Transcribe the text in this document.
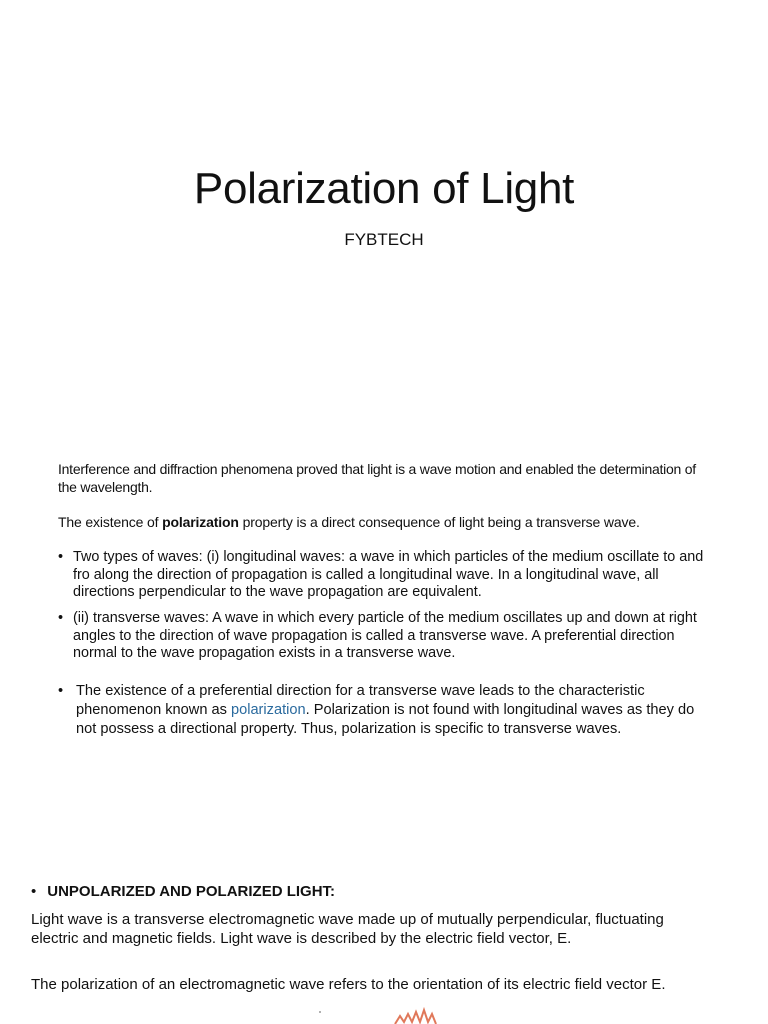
Polarization of Light
FYBTECH
Interference and diffraction phenomena proved that light is a wave motion and enabled the determination of the wavelength.
The existence of polarization property is a direct consequence of light being a transverse wave.
• Two types of waves: (i) longitudinal waves: a wave in which particles of the medium oscillate to and fro along the direction of propagation is called a longitudinal wave. In a longitudinal wave, all directions perpendicular to the wave propagation are equivalent.
• (ii) transverse waves: A wave in which every particle of the medium oscillates up and down at right angles to the direction of wave propagation is called a transverse wave. A preferential direction normal to the wave propagation exists in a transverse wave.
• The existence of a preferential direction for a transverse wave leads to the characteristic phenomenon known as polarization. Polarization is not found with longitudinal waves as they do not possess a directional property. Thus, polarization is specific to transverse waves.
• UNPOLARIZED AND POLARIZED LIGHT:
Light wave is a transverse electromagnetic wave made up of mutually perpendicular, fluctuating electric and magnetic fields. Light wave is described by the electric field vector, E.
The polarization of an electromagnetic wave refers to the orientation of its electric field vector E.
